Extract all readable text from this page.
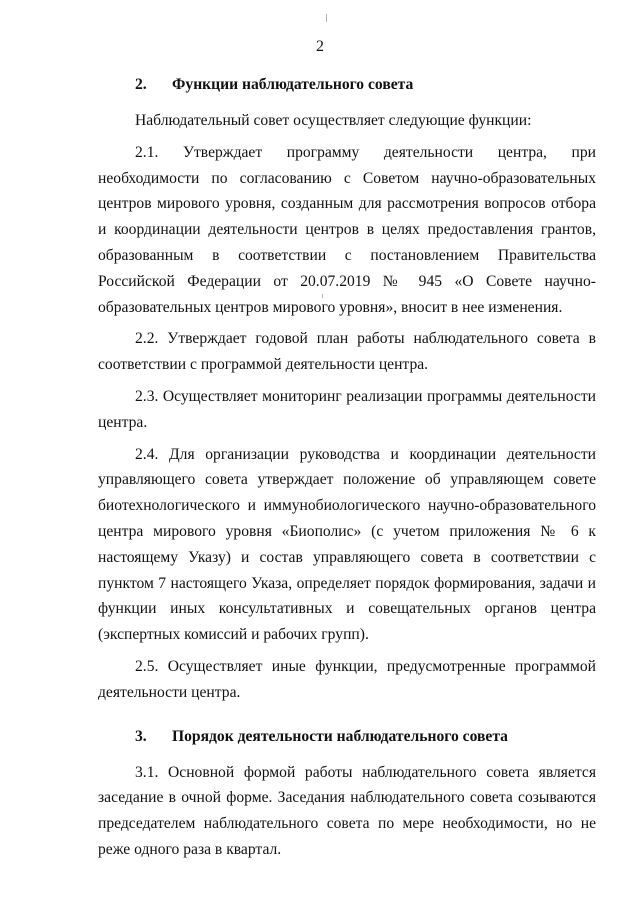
2
2. Функции наблюдательного совета

Наблюдательный совет осуществляет следующие функции:

2.1. Утверждает программу деятельности центра, при необходимости по согласованию с Советом научно-образовательных центров мирового уровня, созданным для рассмотрения вопросов отбора и координации деятельности центров в целях предоставления грантов, образованным в соответствии с постановлением Правительства Российской Федерации от 20.07.2019 № 945 «О Совете научно-образовательных центров мирового уровня», вносит в нее изменения.

2.2. Утверждает годовой план работы наблюдательного совета в соответствии с программой деятельности центра.

2.3. Осуществляет мониторинг реализации программы деятельности центра.

2.4. Для организации руководства и координации деятельности управляющего совета утверждает положение об управляющем совете биотехнологического и иммунобиологического научно-образовательного центра мирового уровня «Биополис» (с учетом приложения № 6 к настоящему Указу) и состав управляющего совета в соответствии с пунктом 7 настоящего Указа, определяет порядок формирования, задачи и функции иных консультативных и совещательных органов центра (экспертных комиссий и рабочих групп).

2.5. Осуществляет иные функции, предусмотренные программой деятельности центра.

3. Порядок деятельности наблюдательного совета

3.1. Основной формой работы наблюдательного совета является заседание в очной форме. Заседания наблюдательного совета созываются председателем наблюдательного совета по мере необходимости, но не реже одного раза в квартал.
